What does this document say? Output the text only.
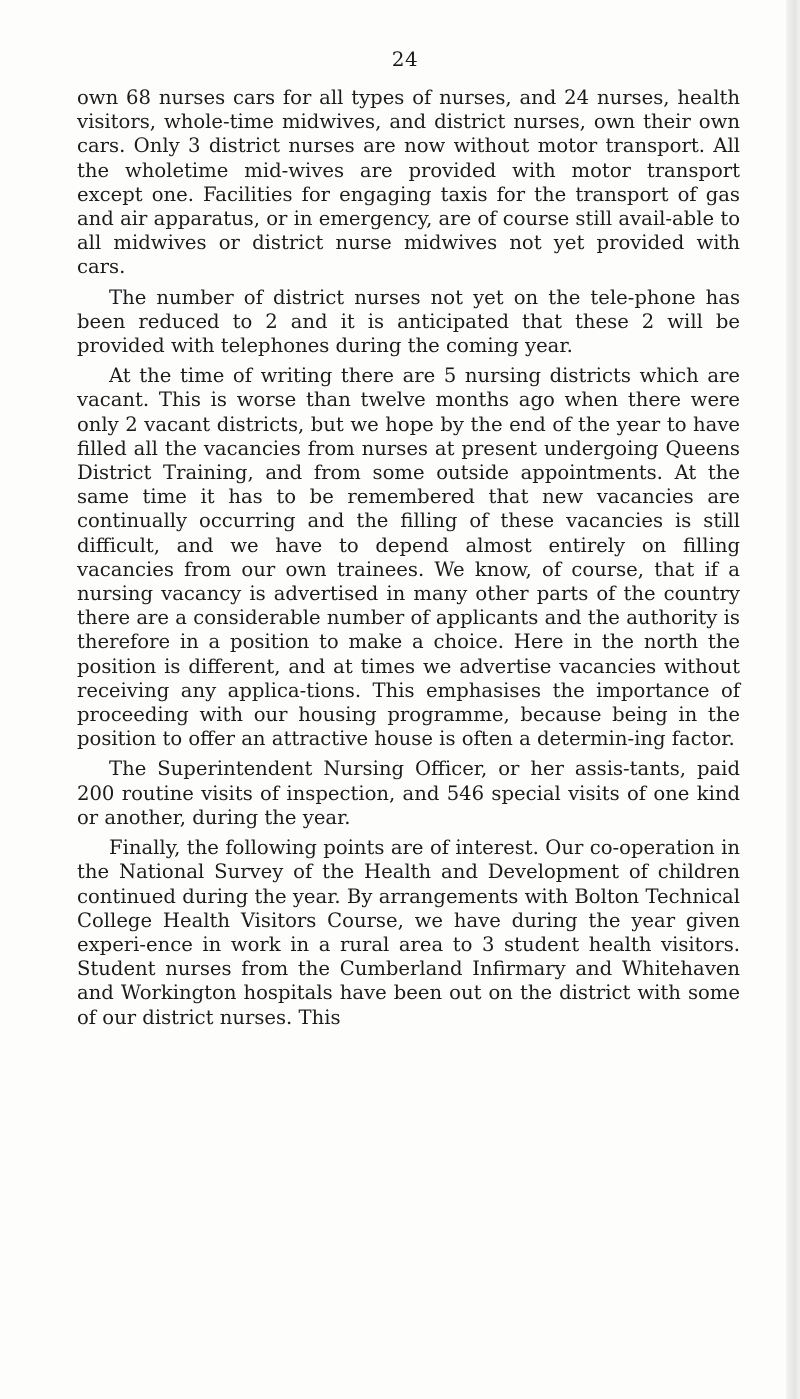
24

own 68 nurses cars for all types of nurses, and 24 nurses, health visitors, whole-time midwives, and district nurses, own their own cars. Only 3 district nurses are now without motor transport. All the wholetime mid-wives are provided with motor transport except one. Facilities for engaging taxis for the transport of gas and air apparatus, or in emergency, are of course still avail-able to all midwives or district nurse midwives not yet provided with cars.

The number of district nurses not yet on the tele-phone has been reduced to 2 and it is anticipated that these 2 will be provided with telephones during the coming year.

At the time of writing there are 5 nursing districts which are vacant. This is worse than twelve months ago when there were only 2 vacant districts, but we hope by the end of the year to have filled all the vacancies from nurses at present undergoing Queens District Training, and from some outside appointments. At the same time it has to be remembered that new vacancies are continually occurring and the filling of these vacancies is still difficult, and we have to depend almost entirely on filling vacancies from our own trainees. We know, of course, that if a nursing vacancy is advertised in many other parts of the country there are a considerable number of applicants and the authority is therefore in a position to make a choice. Here in the north the position is different, and at times we advertise vacancies without receiving any applica-tions. This emphasises the importance of proceeding with our housing programme, because being in the position to offer an attractive house is often a determin-ing factor.

The Superintendent Nursing Officer, or her assis-tants, paid 200 routine visits of inspection, and 546 special visits of one kind or another, during the year.

Finally, the following points are of interest. Our co-operation in the National Survey of the Health and Development of children continued during the year. By arrangements with Bolton Technical College Health Visitors Course, we have during the year given experi-ence in work in a rural area to 3 student health visitors. Student nurses from the Cumberland Infirmary and Whitehaven and Workington hospitals have been out on the district with some of our district nurses. This
